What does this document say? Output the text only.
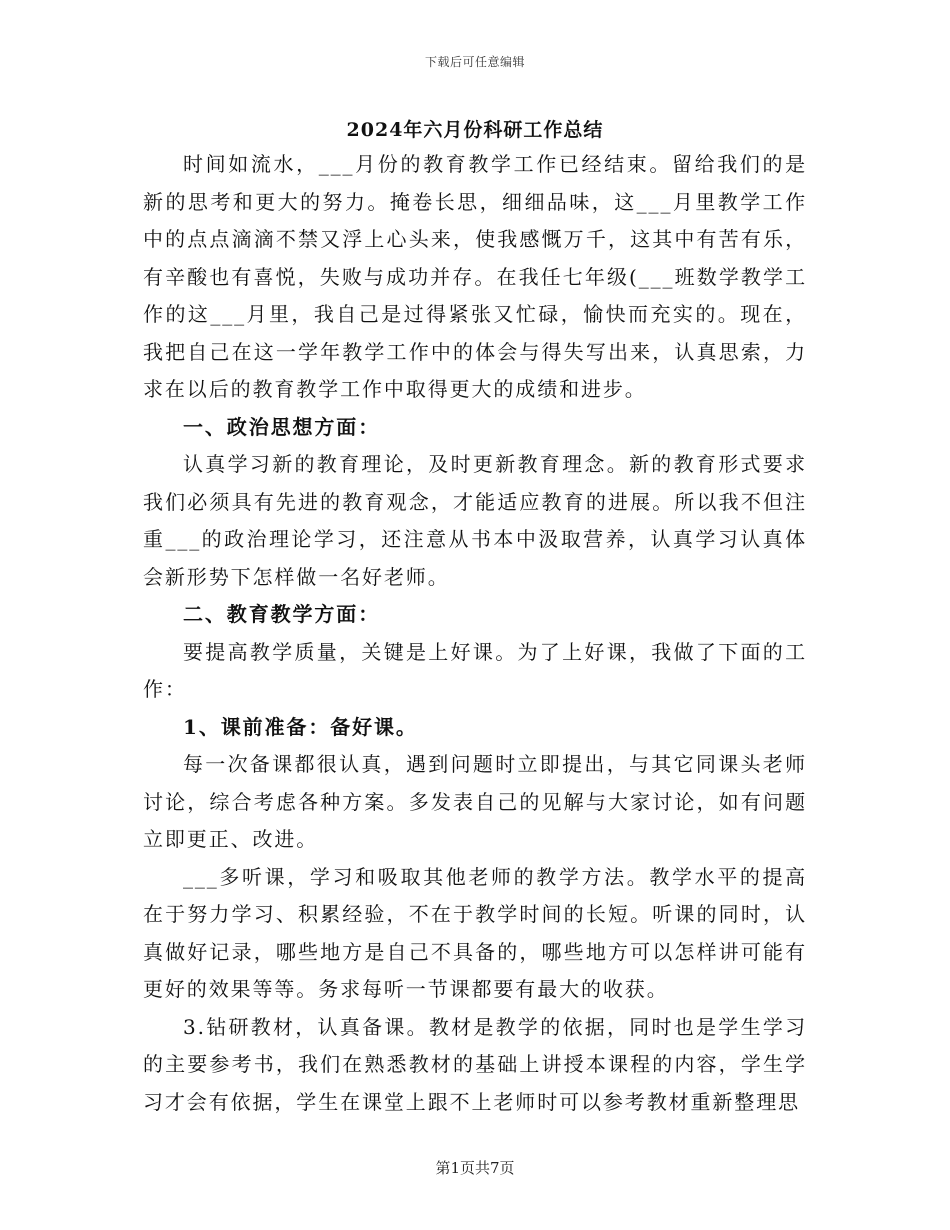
下载后可任意编辑
2024年六月份科研工作总结

时间如流水，___月份的教育教学工作已经结束。留给我们的是新的思考和更大的努力。掩卷长思，细细品味，这___月里教学工作中的点点滴滴不禁又浮上心头来，使我感慨万千，这其中有苦有乐，有辛酸也有喜悦，失败与成功并存。在我任七年级(___班数学教学工作的这___月里，我自己是过得紧张又忙碌，愉快而充实的。现在，我把自己在这一学年教学工作中的体会与得失写出来，认真思索，力求在以后的教育教学工作中取得更大的成绩和进步。

一、政治思想方面：

认真学习新的教育理论，及时更新教育理念。新的教育形式要求我们必须具有先进的教育观念，才能适应教育的进展。所以我不但注重___的政治理论学习，还注意从书本中汲取营养，认真学习认真体会新形势下怎样做一名好老师。

二、教育教学方面：

要提高教学质量，关键是上好课。为了上好课，我做了下面的工作：

1、课前准备：备好课。

每一次备课都很认真，遇到问题时立即提出，与其它同课头老师讨论，综合考虑各种方案。多发表自己的见解与大家讨论，如有问题立即更正、改进。

___多听课，学习和吸取其他老师的教学方法。教学水平的提高在于努力学习、积累经验，不在于教学时间的长短。听课的同时，认真做好记录，哪些地方是自己不具备的，哪些地方可以怎样讲可能有更好的效果等等。务求每听一节课都要有最大的收获。

3.钻研教材，认真备课。教材是教学的依据，同时也是学生学习的主要参考书，我们在熟悉教材的基础上讲授本课程的内容，学生学习才会有依据，学生在课堂上跟不上老师时可以参考教材重新整理思

第1页共7页
